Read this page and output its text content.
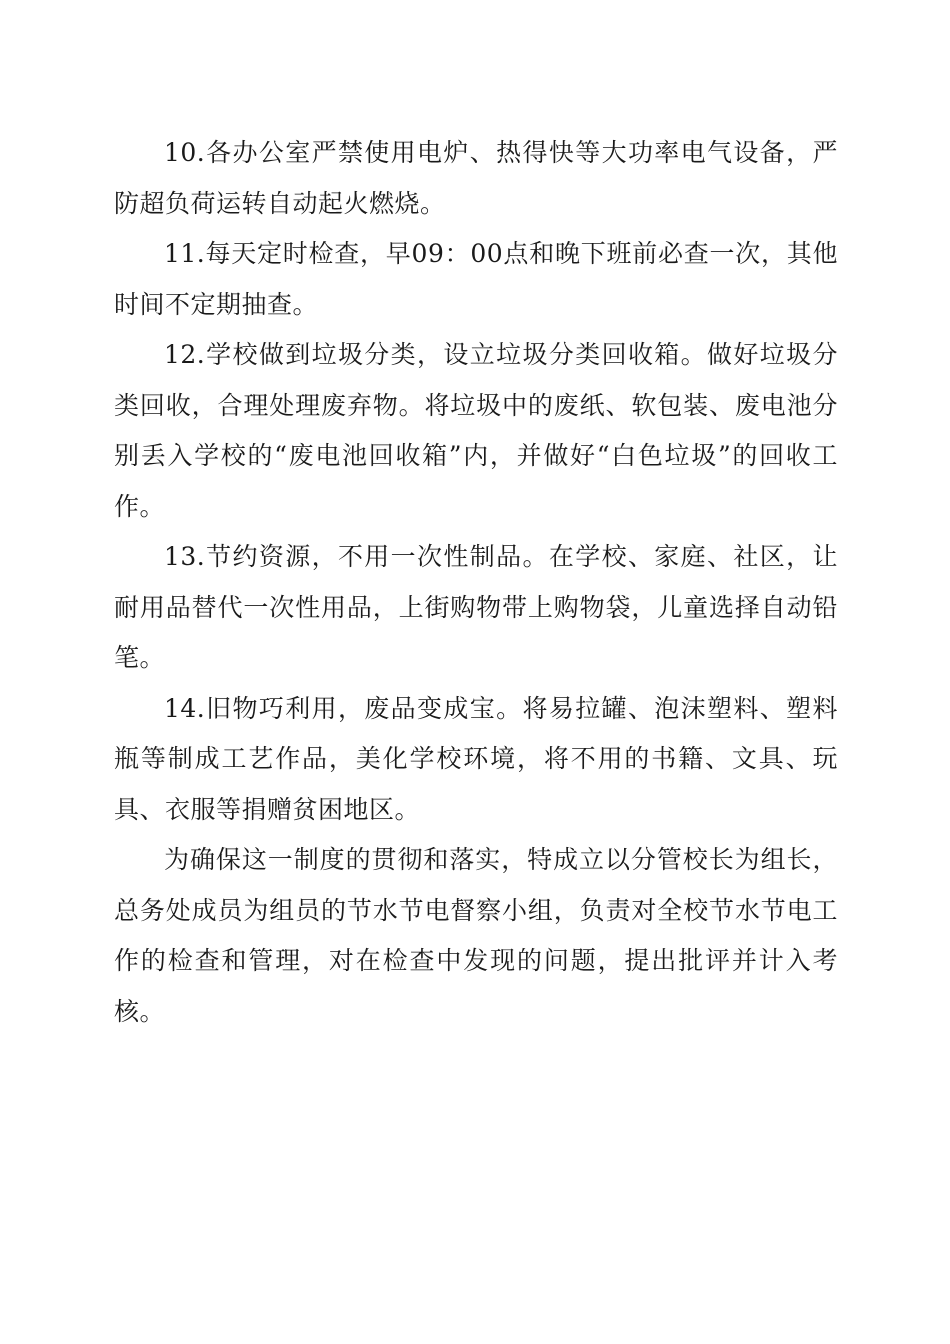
10.各办公室严禁使用电炉、热得快等大功率电气设备，严防超负荷运转自动起火燃烧。

11.每天定时检查，早09：00点和晚下班前必查一次，其他时间不定期抽查。

12.学校做到垃圾分类，设立垃圾分类回收箱。做好垃圾分类回收，合理处理废弃物。将垃圾中的废纸、软包装、废电池分别丢入学校的“废电池回收箱”内，并做好“白色垃圾”的回收工作。

13.节约资源，不用一次性制品。在学校、家庭、社区，让耐用品替代一次性用品，上街购物带上购物袋，儿童选择自动铅笔。

14.旧物巧利用，废品变成宝。将易拉罐、泡沫塑料、塑料瓶等制成工艺作品，美化学校环境，将不用的书籍、文具、玩具、衣服等捐赠贫困地区。

为确保这一制度的贯彻和落实，特成立以分管校长为组长，总务处成员为组员的节水节电督察小组，负责对全校节水节电工作的检查和管理，对在检查中发现的问题，提出批评并计入考核。
